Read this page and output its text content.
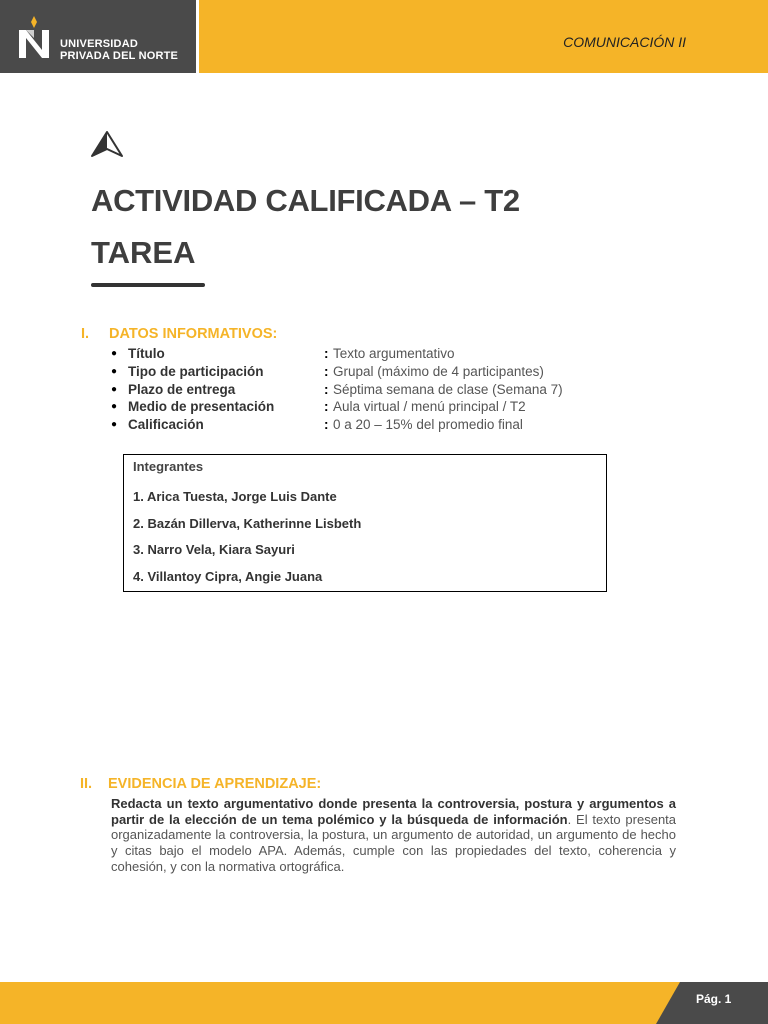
UNIVERSIDAD
PRIVADA DEL NORTE
COMUNICACIÓN II
ACTIVIDAD CALIFICADA – T2
TAREA
I. DATOS INFORMATIVOS:
● Título	: Texto argumentativo
● Tipo de participación	: Grupal (máximo de 4 participantes)
● Plazo de entrega	: Séptima semana de clase (Semana 7)
● Medio de presentación	: Aula virtual / menú principal / T2
● Calificación	: 0 a 20 – 15% del promedio final
Integrantes
1. Arica Tuesta, Jorge Luis Dante
2. Bazán Dillerva, Katherinne Lisbeth
3. Narro Vela, Kiara Sayuri
4. Villantoy Cipra, Angie Juana
II. EVIDENCIA DE APRENDIZAJE:

Redacta un texto argumentativo donde presenta la controversia, postura y argumentos a partir de la elección de un tema polémico y la búsqueda de información. El texto presenta organizadamente la controversia, la postura, un argumento de autoridad, un argumento de hecho y citas bajo el modelo APA. Además, cumple con las propiedades del texto, coherencia y cohesión, y con la normativa ortográfica.

Pág. 1
